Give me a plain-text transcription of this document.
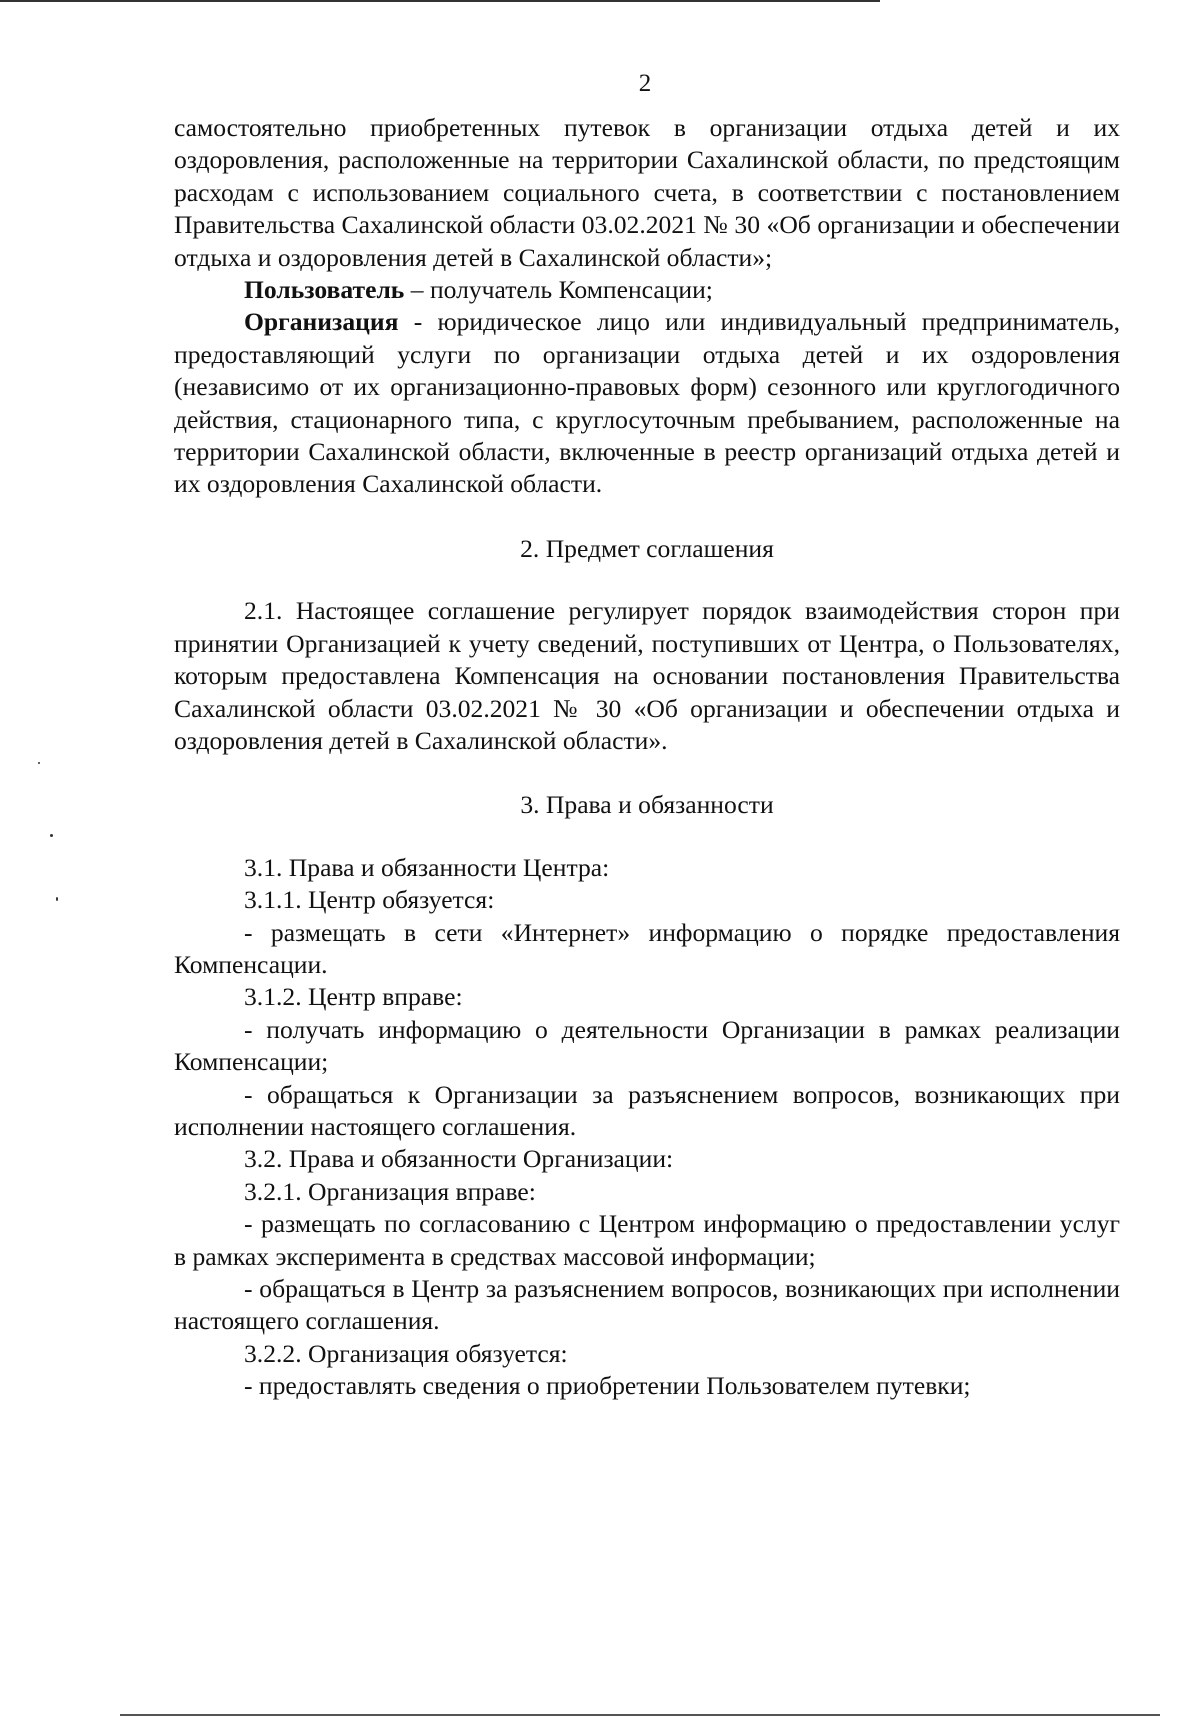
2

самостоятельно приобретенных путевок в организации отдыха детей и их оздоровления, расположенные на территории Сахалинской области, по предстоящим расходам с использованием социального счета, в соответствии с постановлением Правительства Сахалинской области 03.02.2021 № 30 «Об организации и обеспечении отдыха и оздоровления детей в Сахалинской области»;

Пользователь – получатель Компенсации;

Организация - юридическое лицо или индивидуальный предприниматель, предоставляющий услуги по организации отдыха детей и их оздоровления (независимо от их организационно-правовых форм) сезонного или круглогодичного действия, стационарного типа, с круглосуточным пребыванием, расположенные на территории Сахалинской области, включенные в реестр организаций отдыха детей и их оздоровления Сахалинской области.

2. Предмет соглашения

2.1. Настоящее соглашение регулирует порядок взаимодействия сторон при принятии Организацией к учету сведений, поступивших от Центра, о Пользователях, которым предоставлена Компенсация на основании постановления Правительства Сахалинской области 03.02.2021 № 30 «Об организации и обеспечении отдыха и оздоровления детей в Сахалинской области».

3. Права и обязанности

3.1. Права и обязанности Центра:

3.1.1. Центр обязуется:

- размещать в сети «Интернет» информацию о порядке предоставления Компенсации.

3.1.2. Центр вправе:

- получать информацию о деятельности Организации в рамках реализации Компенсации;

- обращаться к Организации за разъяснением вопросов, возникающих при исполнении настоящего соглашения.

3.2. Права и обязанности Организации:

3.2.1. Организация вправе:

- размещать по согласованию с Центром информацию о предоставлении услуг в рамках эксперимента в средствах массовой информации;

- обращаться в Центр за разъяснением вопросов, возникающих при исполнении настоящего соглашения.

3.2.2. Организация обязуется:

- предоставлять сведения о приобретении Пользователем путевки;
